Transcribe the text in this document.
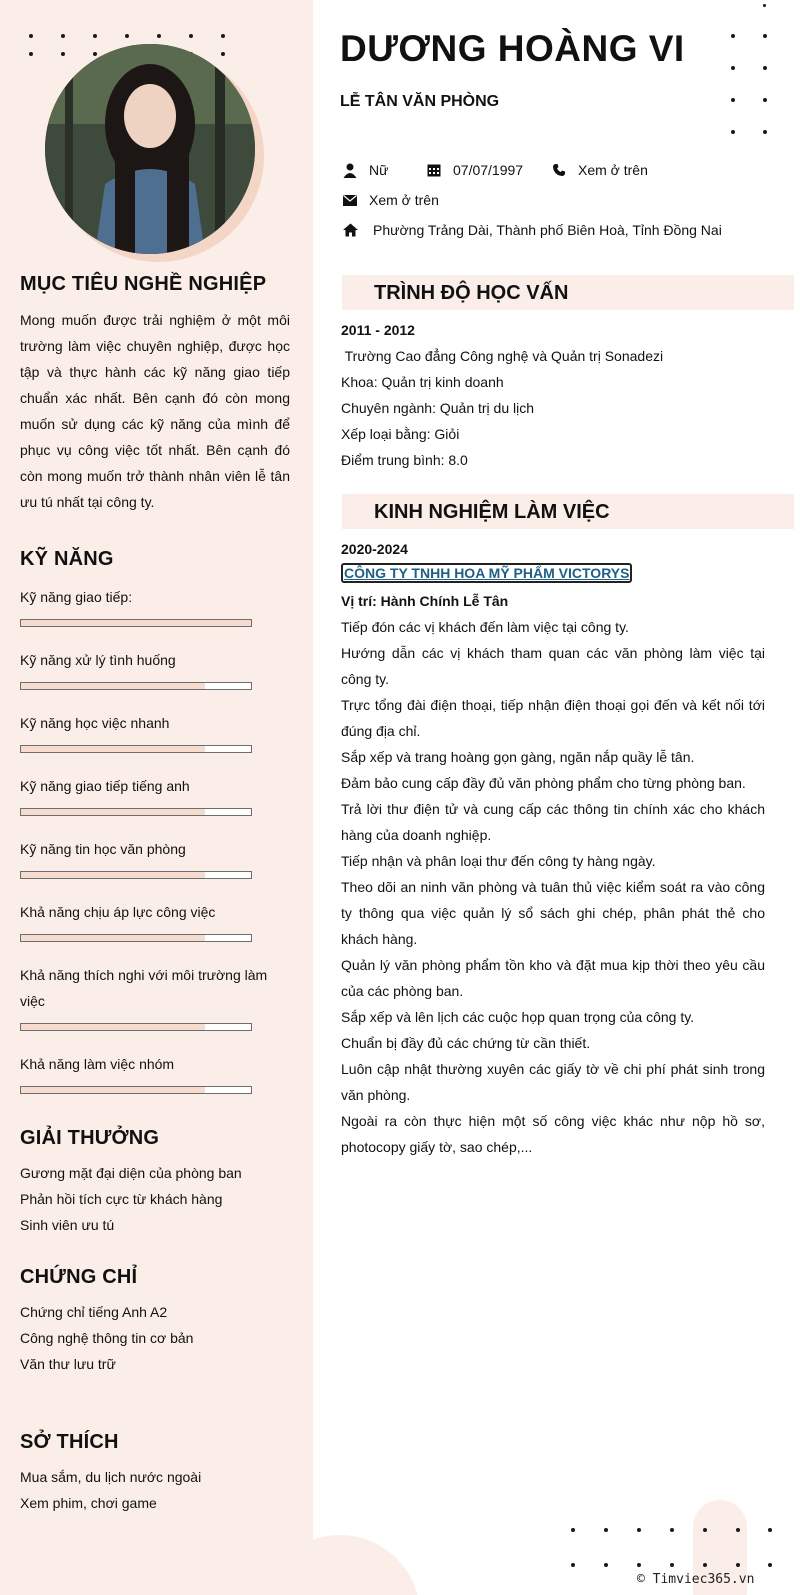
MỤC TIÊU NGHỀ NGHIỆP
Mong muốn được trải nghiệm ở một môi trường làm việc chuyên nghiệp, được học tập và thực hành các kỹ năng giao tiếp chuẩn xác nhất. Bên cạnh đó còn mong muốn sử dụng các kỹ năng của mình để phục vụ công việc tốt nhất. Bên cạnh đó còn mong muốn trở thành nhân viên lễ tân ưu tú nhất tại công ty.
KỸ NĂNG
Kỹ năng giao tiếp:
Kỹ năng xử lý tình huống
Kỹ năng học việc nhanh
Kỹ năng giao tiếp tiếng anh
Kỹ năng tin học văn phòng
Khả năng chịu áp lực công việc
Khả năng thích nghi với môi trường làm việc
Khả năng làm việc nhóm
GIẢI THƯỞNG
Gương mặt đại diện của phòng ban
Phản hồi tích cực từ khách hàng
Sinh viên ưu tú
CHỨNG CHỈ
Chứng chỉ tiếng Anh A2
Công nghệ thông tin cơ bản
Văn thư lưu trữ
SỞ THÍCH
Mua sắm, du lịch nước ngoài
Xem phim, chơi game
DƯƠNG HOÀNG VI
LỄ TÂN VĂN PHÒNG
Nữ	07/07/1997	Xem ở trên
Xem ở trên
Phường Trảng Dài, Thành phố Biên Hoà, Tỉnh Đồng Nai
TRÌNH ĐỘ HỌC VẤN
2011 - 2012
Trường Cao đẳng Công nghệ và Quản trị Sonadezi
Khoa: Quản trị kinh doanh
Chuyên ngành: Quản trị du lịch
Xếp loại bằng: Giỏi
Điểm trung bình: 8.0
KINH NGHIỆM LÀM VIỆC
2020-2024
CÔNG TY TNHH HOA MỸ PHẨM VICTORYS
Vị trí: Hành Chính Lễ Tân
Tiếp đón các vị khách đến làm việc tại công ty.
Hướng dẫn các vị khách tham quan các văn phòng làm việc tại công ty.
Trực tổng đài điện thoại, tiếp nhận điện thoại gọi đến và kết nối tới đúng địa chỉ.
Sắp xếp và trang hoàng gọn gàng, ngăn nắp quầy lễ tân.
Đảm bảo cung cấp đầy đủ văn phòng phẩm cho từng phòng ban.
Trả lời thư điện tử và cung cấp các thông tin chính xác cho khách hàng của doanh nghiệp.
Tiếp nhận và phân loại thư đến công ty hàng ngày.
Theo dõi an ninh văn phòng và tuân thủ việc kiểm soát ra vào công ty thông qua việc quản lý sổ sách ghi chép, phân phát thẻ cho khách hàng.
Quản lý văn phòng phẩm tồn kho và đặt mua kịp thời theo yêu cầu của các phòng ban.
Sắp xếp và lên lịch các cuộc họp quan trọng của công ty.
Chuẩn bị đầy đủ các chứng từ cần thiết.
Luôn cập nhật thường xuyên các giấy tờ về chi phí phát sinh trong văn phòng.
Ngoài ra còn thực hiện một số công việc khác như nộp hồ sơ, photocopy giấy tờ, sao chép,...
© Timviec365.vn
